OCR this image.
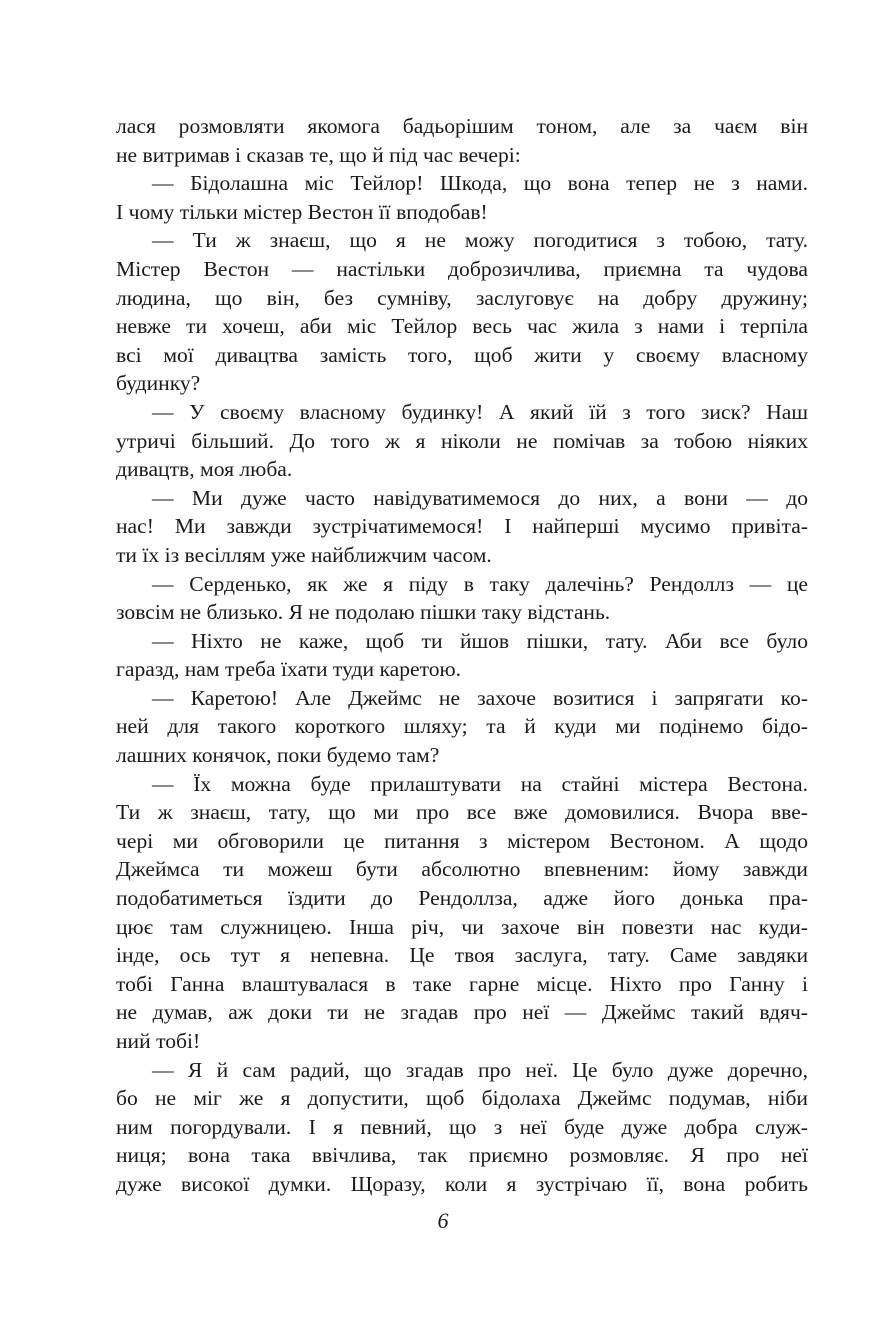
лася розмовляти якомога бадьорішим тоном, але за чаєм він
не витримав і сказав те, що й під час вечері:
— Бідолашна міс Тейлор! Шкода, що вона тепер не з нами.
І чому тільки містер Вестон її вподобав!
— Ти ж знаєш, що я не можу погодитися з тобою, тату.
Містер Вестон — настільки доброзичлива, приємна та чудова
людина, що він, без сумніву, заслуговує на добру дружину;
невже ти хочеш, аби міс Тейлор весь час жила з нами і терпіла
всі мої дивацтва замість того, щоб жити у своєму власному
будинку?
— У своєму власному будинку! А який їй з того зиск? Наш
утричі більший. До того ж я ніколи не помічав за тобою ніяких
дивацтв, моя люба.
— Ми дуже часто навідуватимемося до них, а вони — до
нас! Ми завжди зустрічатимемося! І найперші мусимо привіта-
ти їх із весіллям уже найближчим часом.
— Серденько, як же я піду в таку далечінь? Рендоллз — це
зовсім не близько. Я не подолаю пішки таку відстань.
— Ніхто не каже, щоб ти йшов пішки, тату. Аби все було
гаразд, нам треба їхати туди каретою.
— Каретою! Але Джеймс не захоче возитися і запрягати ко-
ней для такого короткого шляху; та й куди ми подінемо бідо-
лашних конячок, поки будемо там?
— Їх можна буде прилаштувати на стайні містера Вестона.
Ти ж знаєш, тату, що ми про все вже домовилися. Вчора вве-
чері ми обговорили це питання з містером Вестоном. А щодо
Джеймса ти можеш бути абсолютно впевненим: йому завжди
подобатиметься їздити до Рендоллза, адже його донька пра-
цює там служницею. Інша річ, чи захоче він повезти нас куди-
інде, ось тут я непевна. Це твоя заслуга, тату. Саме завдяки
тобі Ганна влаштувалася в таке гарне місце. Ніхто про Ганну і
не думав, аж доки ти не згадав про неї — Джеймс такий вдяч-
ний тобі!
— Я й сам радий, що згадав про неї. Це було дуже доречно,
бо не міг же я допустити, щоб бідолаха Джеймс подумав, ніби
ним погордували. І я певний, що з неї буде дуже добра служ-
ниця; вона така ввічлива, так приємно розмовляє. Я про неї
дуже високої думки. Щоразу, коли я зустрічаю її, вона робить
6
